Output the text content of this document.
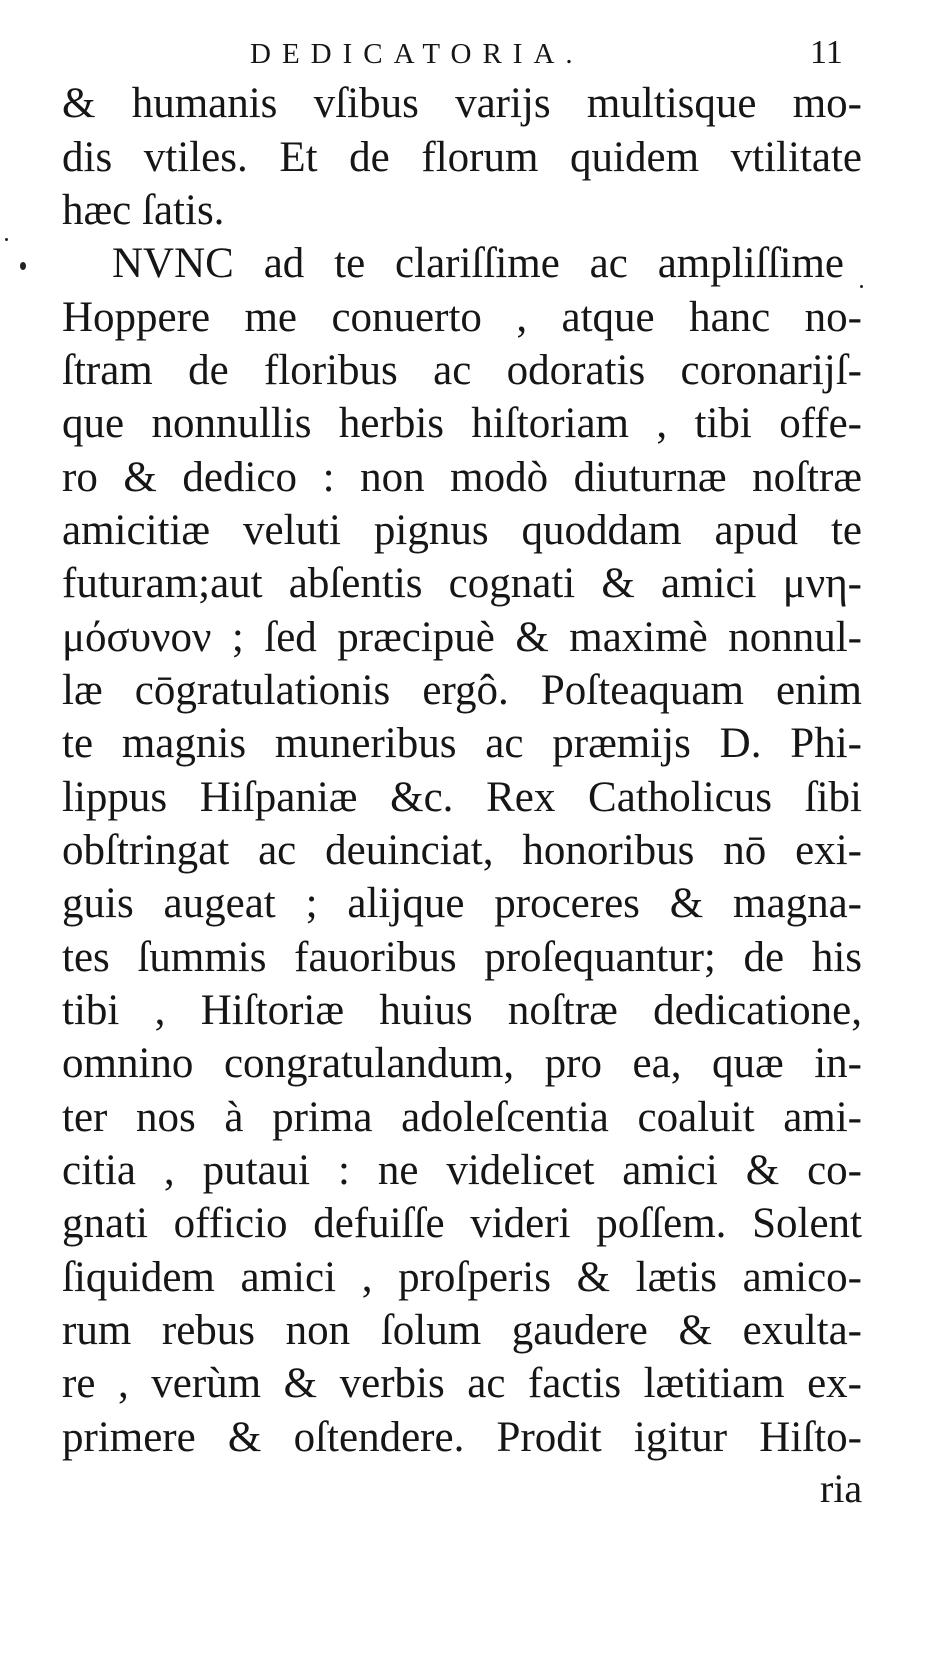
DEDICATORIA.	11
& humanis vſibus varijs multisque mo-
dis vtiles. Et de florum quidem vtilitate
hæc ſatis.
NVNC ad te clariſſime ac ampliſſime
Hoppere me conuerto , atque hanc no-
ſtram de floribus ac odoratis coronarijſ-
que nonnullis herbis hiſtoriam , tibi offe-
ro & dedico : non modò diuturnæ noſtræ
amicitiæ veluti pignus quoddam apud te
futuram;aut abſentis cognati & amici μνη-
μόσυνον ; ſed præcipuè & maximè nonnul-
læ cōgratulationis ergô. Poſteaquam enim
te magnis muneribus ac præmijs D. Phi-
lippus Hiſpaniæ &c. Rex Catholicus ſibi
obſtringat ac deuinciat, honoribus nō exi-
guis augeat ; alijque proceres & magna-
tes ſummis fauoribus proſequantur; de his
tibi , Hiſtoriæ huius noſtræ dedicatione,
omnino congratulandum, pro ea, quæ in-
ter nos à prima adoleſcentia coaluit ami-
citia , putaui : ne videlicet amici & co-
gnati officio defuiſſe videri poſſem. Solent
ſiquidem amici , proſperis & lætis amico-
rum rebus non ſolum gaudere & exulta-
re , verùm & verbis ac factis lætitiam ex-
primere & oſtendere. Prodit igitur Hiſto-
ria
